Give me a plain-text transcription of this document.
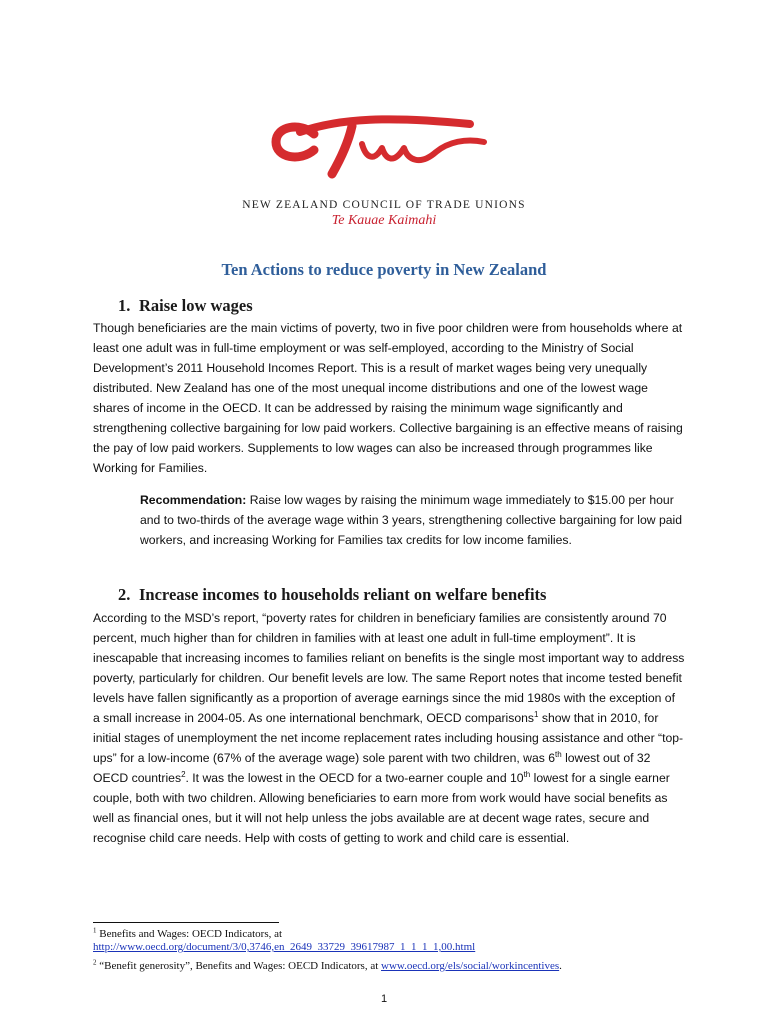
NEW ZEALAND COUNCIL OF TRADE UNIONS
Te Kauae Kaimahi
Ten Actions to reduce poverty in New Zealand
1. Raise low wages

Though beneficiaries are the main victims of poverty, two in five poor children were from households where at least one adult was in full-time employment or was self-employed, according to the Ministry of Social Development’s 2011 Household Incomes Report. This is a result of market wages being very unequally distributed. New Zealand has one of the most unequal income distributions and one of the lowest wage shares of income in the OECD. It can be addressed by raising the minimum wage significantly and strengthening collective bargaining for low paid workers. Collective bargaining is an effective means of raising the pay of low paid workers. Supplements to low wages can also be increased through programmes like Working for Families.

Recommendation: Raise low wages by raising the minimum wage immediately to $15.00 per hour and to two-thirds of the average wage within 3 years, strengthening collective bargaining for low paid workers, and increasing Working for Families tax credits for low income families.

2. Increase incomes to households reliant on welfare benefits

According to the MSD’s report, “poverty rates for children in beneficiary families are consistently around 70 percent, much higher than for children in families with at least one adult in full-time employment”. It is inescapable that increasing incomes to families reliant on benefits is the single most important way to address poverty, particularly for children. Our benefit levels are low. The same Report notes that income tested benefit levels have fallen significantly as a proportion of average earnings since the mid 1980s with the exception of a small increase in 2004-05. As one international benchmark, OECD comparisons$^1$ show that in 2010, for initial stages of unemployment the net income replacement rates including housing assistance and other “top-ups” for a low-income (67% of the average wage) sole parent with two children, was 6th lowest out of 32 OECD countries$^2$. It was the lowest in the OECD for a two-earner couple and 10th lowest for a single earner couple, both with two children. Allowing beneficiaries to earn more from work would have social benefits as well as financial ones, but it will not help unless the jobs available are at decent wage rates, secure and recognise child care needs. Help with costs of getting to work and child care is essential.

$^1$ Benefits and Wages: OECD Indicators, at
http://www.oecd.org/document/3/0,3746,en_2649_33729_39617987_1_1_1_1,00.html
$^2$ “Benefit generosity”, Benefits and Wages: OECD Indicators, at www.oecd.org/els/social/workincentives.
1
